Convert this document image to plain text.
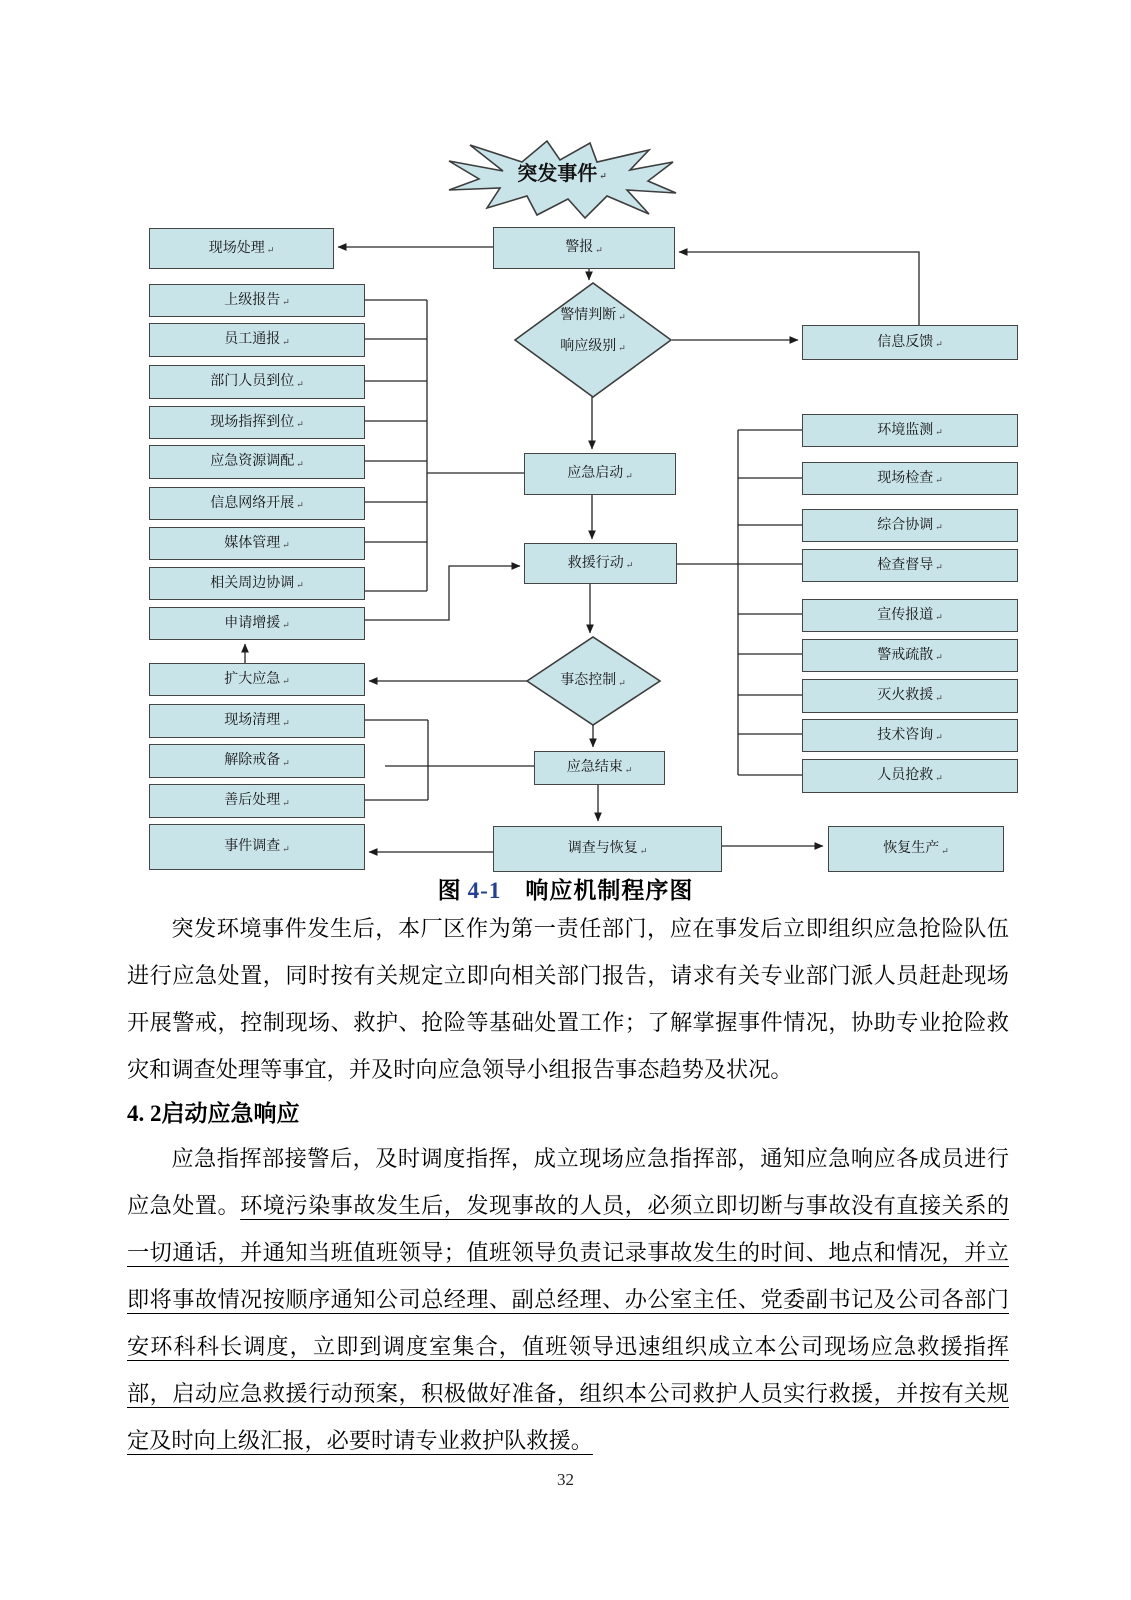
突发事件 ↵
警情判断 ↵
响应级别 ↵
事态控制 ↵
警报 ↵
应急启动 ↵
救援行动 ↵
应急结束 ↵
调查与恢复 ↵
现场处理 ↵
上级报告 ↵
员工通报 ↵
部门人员到位 ↵
现场指挥到位 ↵
应急资源调配 ↵
信息网络开展 ↵
媒体管理 ↵
相关周边协调 ↵
申请增援 ↵
扩大应急 ↵
现场清理 ↵
解除戒备 ↵
善后处理 ↵
事件调查 ↵
信息反馈 ↵
环境监测 ↵
现场检查 ↵
综合协调 ↵
检查督导 ↵
宣传报道 ↵
警戒疏散 ↵
灭火救援 ↵
技术咨询 ↵
人员抢救 ↵
恢复生产 ↵
图 4-1 响应机制程序图

突发环境事件发生后，本厂区作为第一责任部门，应在事发后立即组织应急抢险队伍进行应急处置，同时按有关规定立即向相关部门报告，请求有关专业部门派人员赶赴现场开展警戒，控制现场、救护、抢险等基础处置工作；了解掌握事件情况，协助专业抢险救灾和调查处理等事宜，并及时向应急领导小组报告事态趋势及状况。

4. 2启动应急响应

应急指挥部接警后，及时调度指挥，成立现场应急指挥部，通知应急响应各成员进行应急处置。环境污染事故发生后，发现事故的人员，必须立即切断与事故没有直接关系的一切通话，并通知当班值班领导；值班领导负责记录事故发生的时间、地点和情况，并立即将事故情况按顺序通知公司总经理、副总经理、办公室主任、党委副书记及公司各部门安环科科长调度，立即到调度室集合，值班领导迅速组织成立本公司现场应急救援指挥部，启动应急救援行动预案，积极做好准备，组织本公司救护人员实行救援，并按有关规定及时向上级汇报，必要时请专业救护队救援。

32
